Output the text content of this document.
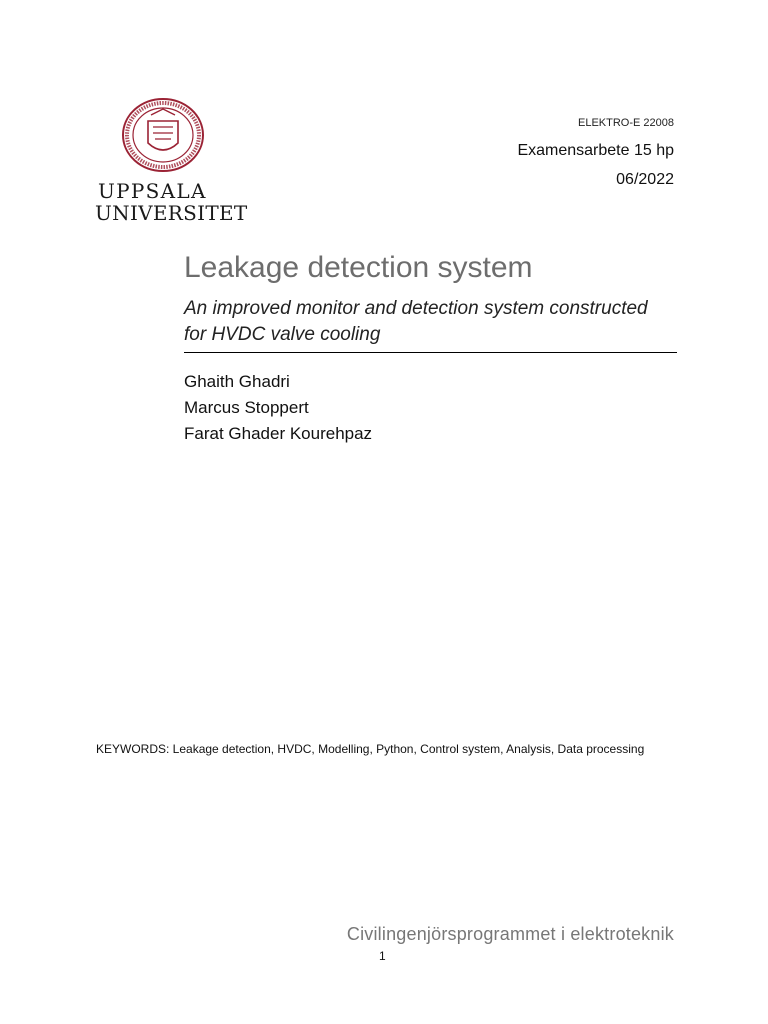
UPPSALA
UNIVERSITET
ELEKTRO-E 22008
Examensarbete 15 hp
06/2022
Leakage detection system
An improved monitor and detection system constructed for HVDC valve cooling
Ghaith Ghadri
Marcus Stoppert
Farat Ghader Kourehpaz
KEYWORDS: Leakage detection, HVDC, Modelling, Python, Control system, Analysis, Data processing
Civilingenjörsprogrammet i elektroteknik
1
